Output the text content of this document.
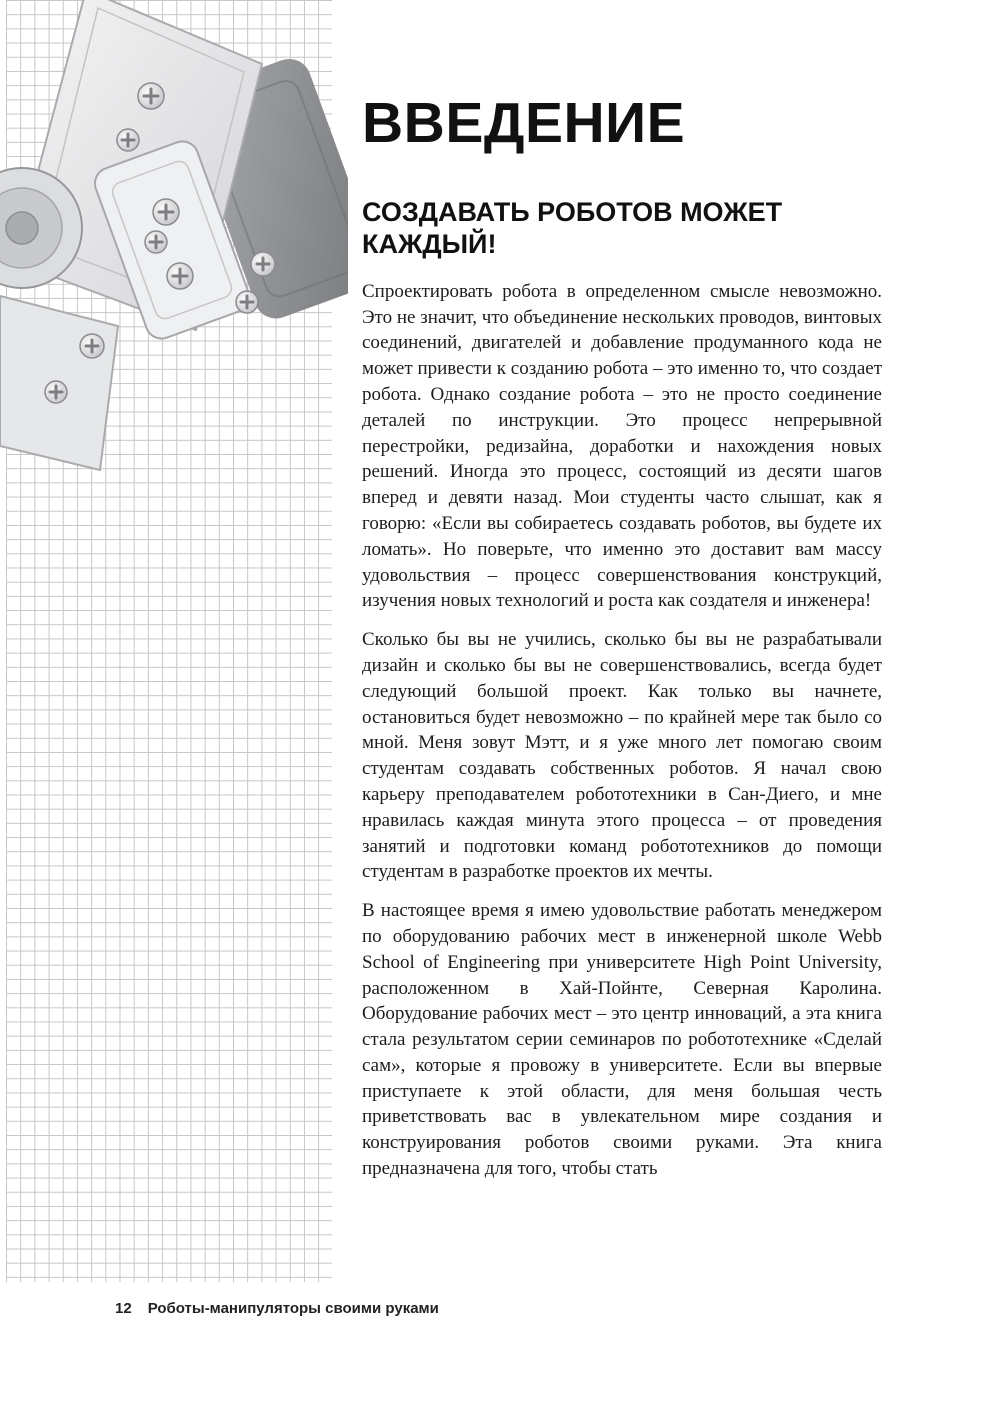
ВВЕДЕНИЕ
СОЗДАВАТЬ РОБОТОВ МОЖЕТ
КАЖДЫЙ!

Спроектировать робота в определенном смысле невозможно. Это не значит, что объединение нескольких проводов, винтовых соединений, двигателей и добавление продуманного кода не может привести к созданию робота – это именно то, что создает робота. Однако создание робота – это не просто соединение деталей по инструкции. Это процесс непрерывной перестройки, редизайна, доработки и нахождения новых решений. Иногда это процесс, состоящий из десяти шагов вперед и девяти назад. Мои студенты часто слышат, как я говорю: «Если вы собираетесь создавать роботов, вы будете их ломать». Но поверьте, что именно это доставит вам массу удовольствия – процесс совершенствования конструкций, изучения новых технологий и роста как создателя и инженера!

Сколько бы вы не учились, сколько бы вы не разрабатывали дизайн и сколько бы вы не совершенствовались, всегда будет следующий большой проект. Как только вы начнете, остановиться будет невозможно – по крайней мере так было со мной. Меня зовут Мэтт, и я уже много лет помогаю своим студентам создавать собственных роботов. Я начал свою карьеру преподавателем робототехники в Сан-Диего, и мне нравилась каждая минута этого процесса – от проведения занятий и подготовки команд робототехников до помощи студентам в разработке проектов их мечты.

В настоящее время я имею удовольствие работать менеджером по оборудованию рабочих мест в инженерной школе Webb School of Engineering при университете High Point University, расположенном в Хай-Пойнте, Северная Каролина. Оборудование рабочих мест – это центр инноваций, а эта книга стала результатом серии семинаров по робототехнике «Сделай сам», которые я провожу в университете. Если вы впервые приступаете к этой области, для меня большая честь приветствовать вас в увлекательном мире создания и конструирования роботов своими руками. Эта книга предназначена для того, чтобы стать

12 Роботы-манипуляторы своими руками
